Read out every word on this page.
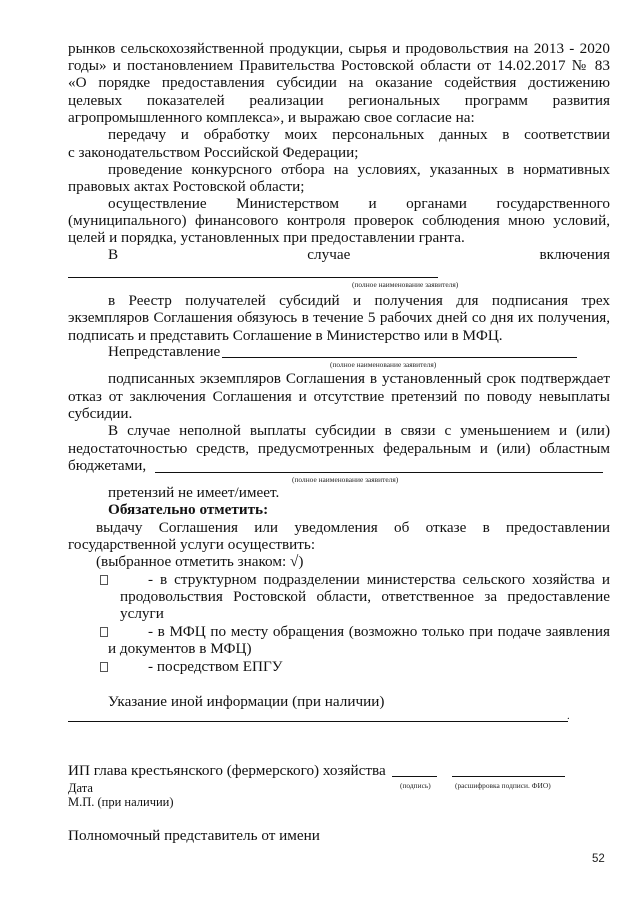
рынков сельскохозяйственной продукции, сырья и продовольствия на 2013 - 2020
годы» и постановлением Правительства Ростовской области от 14.02.2017 № 83
«О порядке предоставления субсидии на оказание содействия достижению
целевых показателей реализации региональных программ развития
агропромышленного комплекса», и выражаю свое согласие на:
передачу и обработку моих персональных данных в соответствии
с законодательством Российской Федерации;
проведение конкурсного отбора на условиях, указанных в нормативных
правовых актах Ростовской области;
осуществление Министерством и органами государственного
(муниципального) финансового контроля проверок соблюдения мною условий,
целей и порядка, установленных при предоставлении гранта.
В случае включения
(полное наименование заявителя)
в Реестр получателей субсидий и получения для подписания трех
экземпляров Соглашения обязуюсь в течение 5 рабочих дней со дня их получения,
подписать и представить Соглашение в Министерство или в МФЦ.
Непредставление
(полное наименование заявителя)
подписанных экземпляров Соглашения в установленный срок подтверждает
отказ от заключения Соглашения и отсутствие претензий по поводу невыплаты
субсидии.
В случае неполной выплаты субсидии в связи с уменьшением и (или)
недостаточностью средств, предусмотренных федеральным и (или) областным
бюджетами,
(полное наименование заявителя)
претензий не имеет/имеет.
Обязательно отметить:
выдачу Соглашения или уведомления об отказе в предоставлении
государственной услуги осуществить:
(выбранное отметить знаком: √)
- в структурном подразделении министерства сельского хозяйства и
продовольствия Ростовской области, ответственное за предоставление
услуги
- в МФЦ по месту обращения (возможно только при подаче заявления
и документов в МФЦ)
- посредством ЕПГУ
Указание иной информации (при наличии)
.
ИП глава крестьянского (фермерского) хозяйства
Дата	(подпись)	(расшифровка подписи. ФИО)
М.П. (при наличии)
Полномочный представитель от имени
52
